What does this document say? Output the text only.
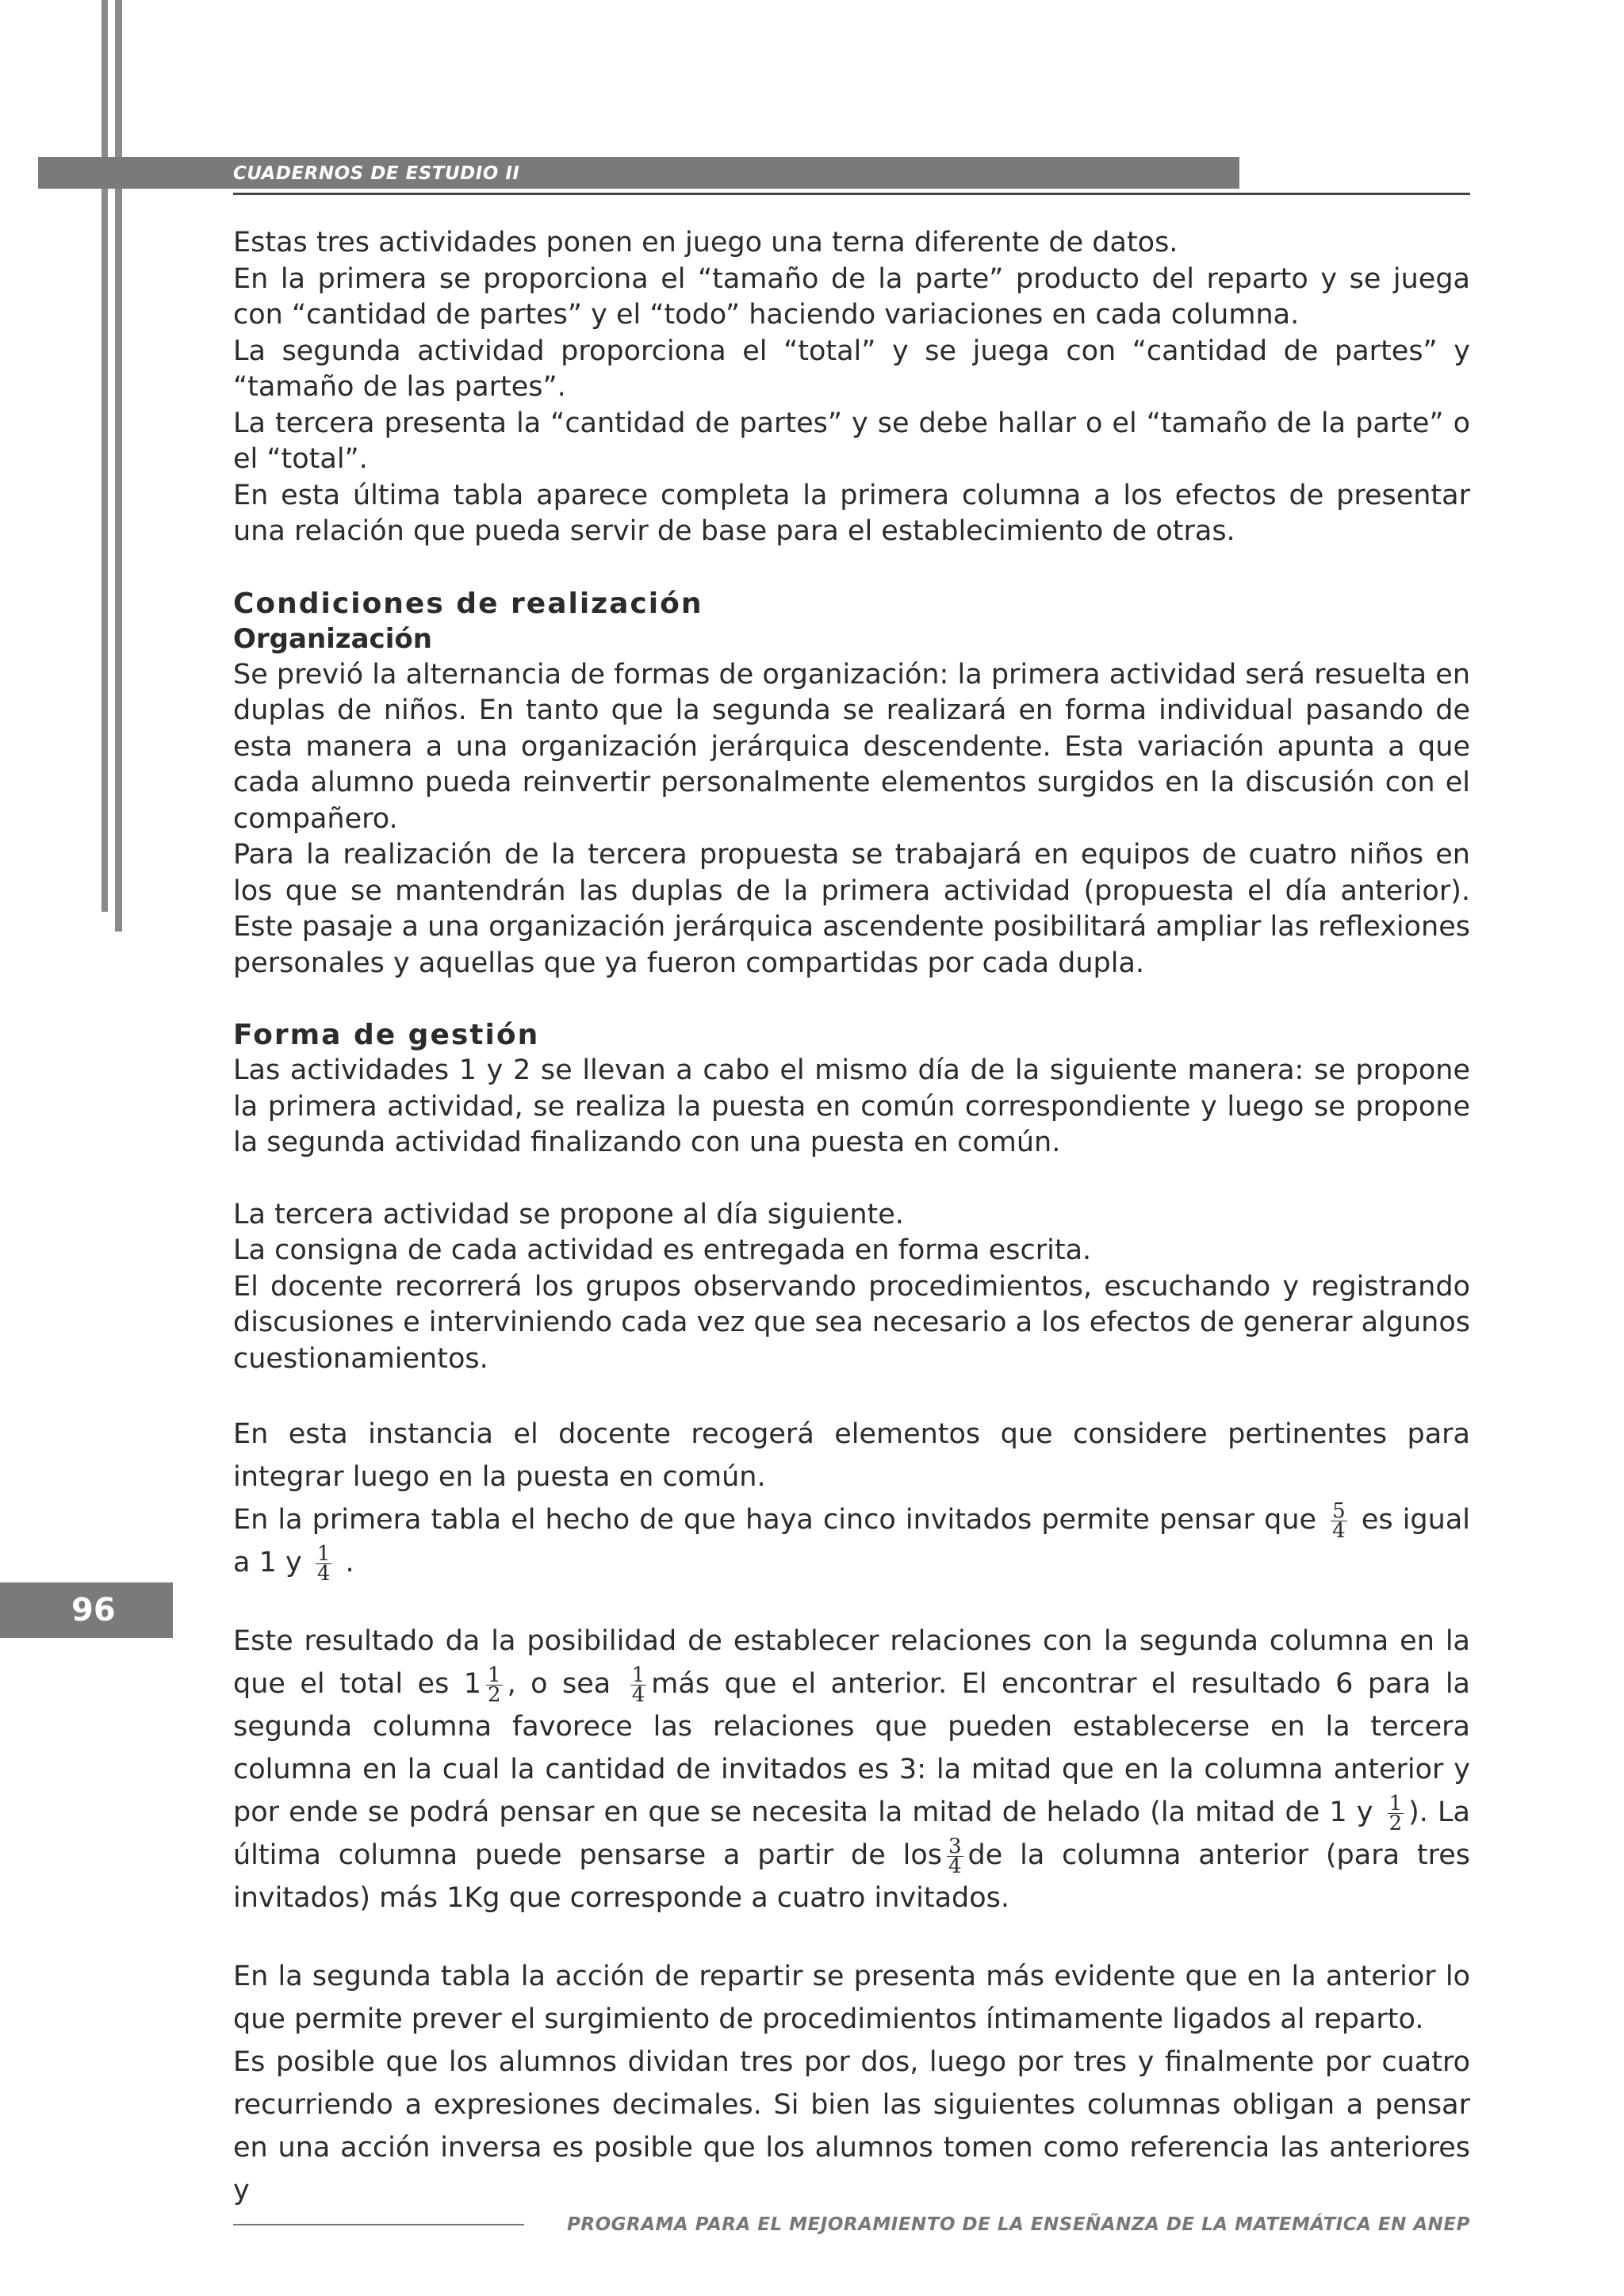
CUADERNOS DE ESTUDIO II

Estas tres actividades ponen en juego una terna diferente de datos.

En la primera se proporciona el “tamaño de la parte” producto del reparto y se juega con “cantidad de partes” y el “todo” haciendo variaciones en cada columna.

La segunda actividad proporciona el “total” y se juega con “cantidad de partes” y “tamaño de las partes”.

La tercera presenta la “cantidad de partes” y se debe hallar o el “tamaño de la parte” o el “total”.

En esta última tabla aparece completa la primera columna a los efectos de presentar una relación que pueda servir de base para el establecimiento de otras.

Condiciones de realización
Organización

Se previó la alternancia de formas de organización: la primera actividad será resuelta en duplas de niños. En tanto que la segunda se realizará en forma individual pasando de esta manera a una organización jerárquica descendente. Esta variación apunta a que cada alumno pueda reinvertir personalmente elementos surgidos en la discusión con el compañero.

Para la realización de la tercera propuesta se trabajará en equipos de cuatro niños en los que se mantendrán las duplas de la primera actividad (propuesta el día anterior). Este pasaje a una organización jerárquica ascendente posibilitará ampliar las reflexiones personales y aquellas que ya fueron compartidas por cada dupla.

Forma de gestión

Las actividades 1 y 2 se llevan a cabo el mismo día de la siguiente manera: se propone la primera actividad, se realiza la puesta en común correspondiente y luego se propone la segunda actividad finalizando con una puesta en común.

La tercera actividad se propone al día siguiente.

La consigna de cada actividad es entregada en forma escrita.

El docente recorrerá los grupos observando procedimientos, escuchando y registrando discusiones e interviniendo cada vez que sea necesario a los efectos de generar algunos cuestionamientos.

En esta instancia el docente recogerá elementos que considere pertinentes para integrar luego en la puesta en común.

En la primera tabla el hecho de que haya cinco invitados permite pensar que $\frac{5}{4}$ es igual a 1 y $\frac{1}{4}$ .

Este resultado da la posibilidad de establecer relaciones con la segunda columna en la que el total es $1 \frac{1}{2}$ , o sea $\frac{1}{4}$ más que el anterior. El encontrar el resultado 6 para la segunda columna favorece las relaciones que pueden establecerse en la tercera columna en la cual la cantidad de invitados es 3: la mitad que en la columna anterior y por ende se podrá pensar en que se necesita la mitad de helado (la mitad de 1 y $\frac{1}{2}$ ). La última columna puede pensarse a partir de los $\frac{3}{4}$ de la columna anterior (para tres invitados) más 1Kg que corresponde a cuatro invitados.

En la segunda tabla la acción de repartir se presenta más evidente que en la anterior lo que permite prever el surgimiento de procedimientos íntimamente ligados al reparto.

Es posible que los alumnos dividan tres por dos, luego por tres y finalmente por cuatro recurriendo a expresiones decimales. Si bien las siguientes columnas obligan a pensar en una acción inversa es posible que los alumnos tomen como referencia las anteriores y

96
PROGRAMA PARA EL MEJORAMIENTO DE LA ENSEÑANZA DE LA MATEMÁTICA EN ANEP
